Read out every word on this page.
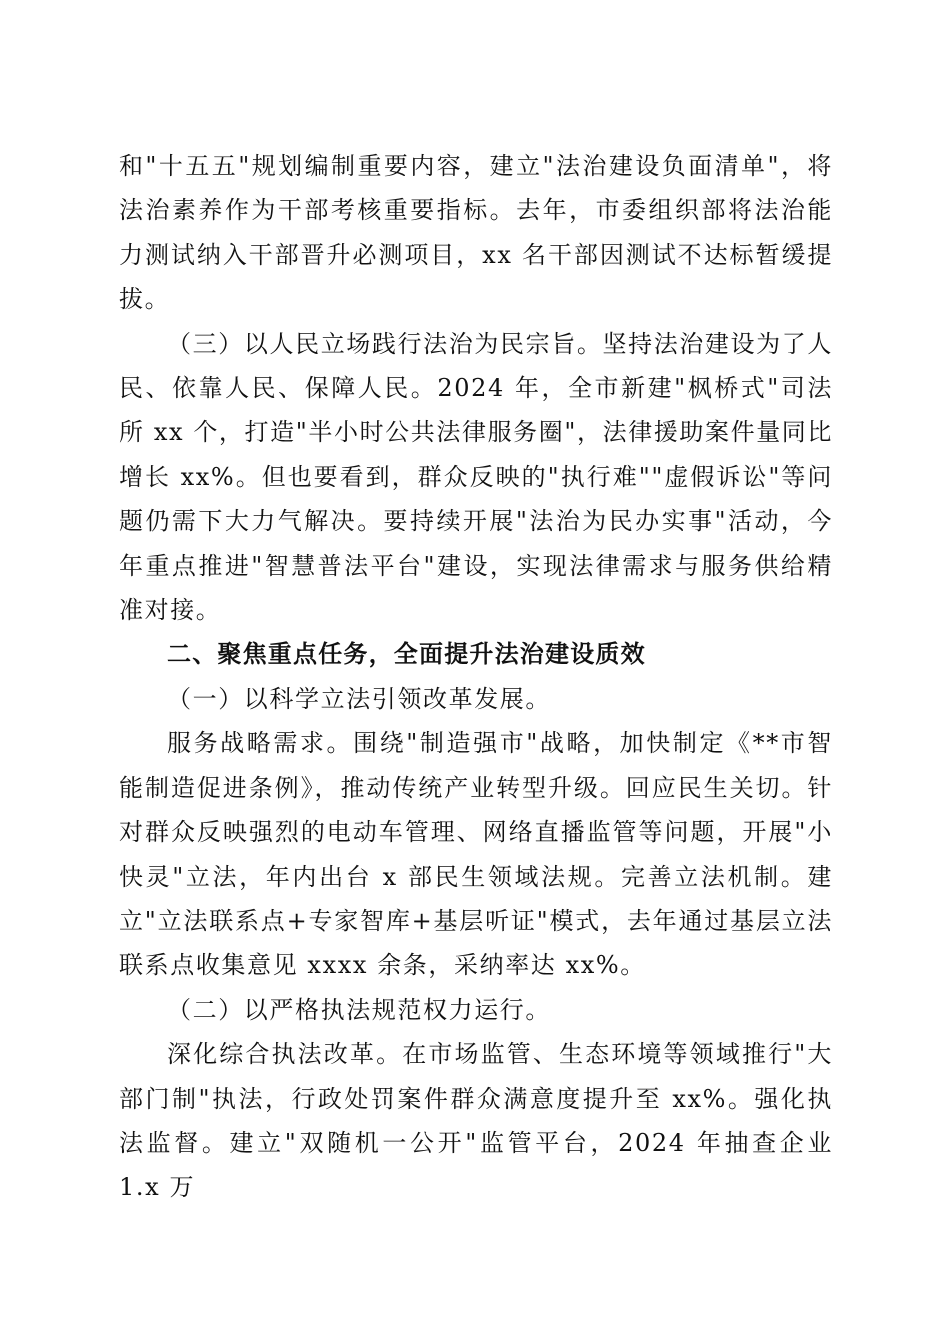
和"十五五"规划编制重要内容，建立"法治建设负面清单"，将法治素养作为干部考核重要指标。去年，市委组织部将法治能力测试纳入干部晋升必测项目，xx 名干部因测试不达标暂缓提拔。

（三）以人民立场践行法治为民宗旨。坚持法治建设为了人民、依靠人民、保障人民。2024 年，全市新建"枫桥式"司法所 xx 个，打造"半小时公共法律服务圈"，法律援助案件量同比增长 xx%。但也要看到，群众反映的"执行难""虚假诉讼"等问题仍需下大力气解决。要持续开展"法治为民办实事"活动，今年重点推进"智慧普法平台"建设，实现法律需求与服务供给精准对接。

二、聚焦重点任务，全面提升法治建设质效

（一）以科学立法引领改革发展。

服务战略需求。围绕"制造强市"战略，加快制定《**市智能制造促进条例》，推动传统产业转型升级。回应民生关切。针对群众反映强烈的电动车管理、网络直播监管等问题，开展"小快灵"立法，年内出台 x 部民生领域法规。完善立法机制。建立"立法联系点+专家智库+基层听证"模式，去年通过基层立法联系点收集意见 xxxx 余条，采纳率达 xx%。

（二）以严格执法规范权力运行。

深化综合执法改革。在市场监管、生态环境等领域推行"大部门制"执法，行政处罚案件群众满意度提升至 xx%。强化执法监督。建立"双随机一公开"监管平台，2024 年抽查企业 1.x 万
